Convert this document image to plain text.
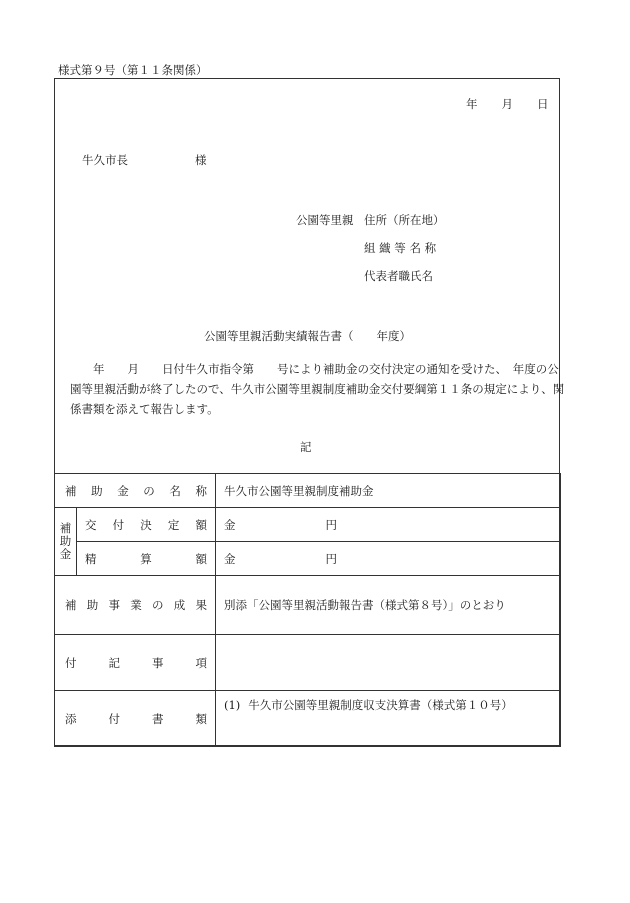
様式第９号（第１１条関係）
年 月 日
牛久市長	様
公園等里親 住所（所在地）
組 織 等 名 称
代表者職氏名
公園等里親活動実績報告書（　　年度）
　　年　　月　　日付牛久市指令第　　号により補助金の交付決定の通知を受けた、　年度の公
園等里親活動が終了したので、牛久市公園等里親制度補助金交付要綱第１１条の規定により、関
係書類を添えて報告します。
記
補助金の名称		牛久市公園等里親制度補助金

補
助
金	交付決定額	金 円
	精算額	金 円
補助事業の成果		別添「公園等里親活動報告書（様式第８号）」のとおり
付記事項		
添付書類		(1) 牛久市公園等里親制度収支決算書（様式第１０号）
